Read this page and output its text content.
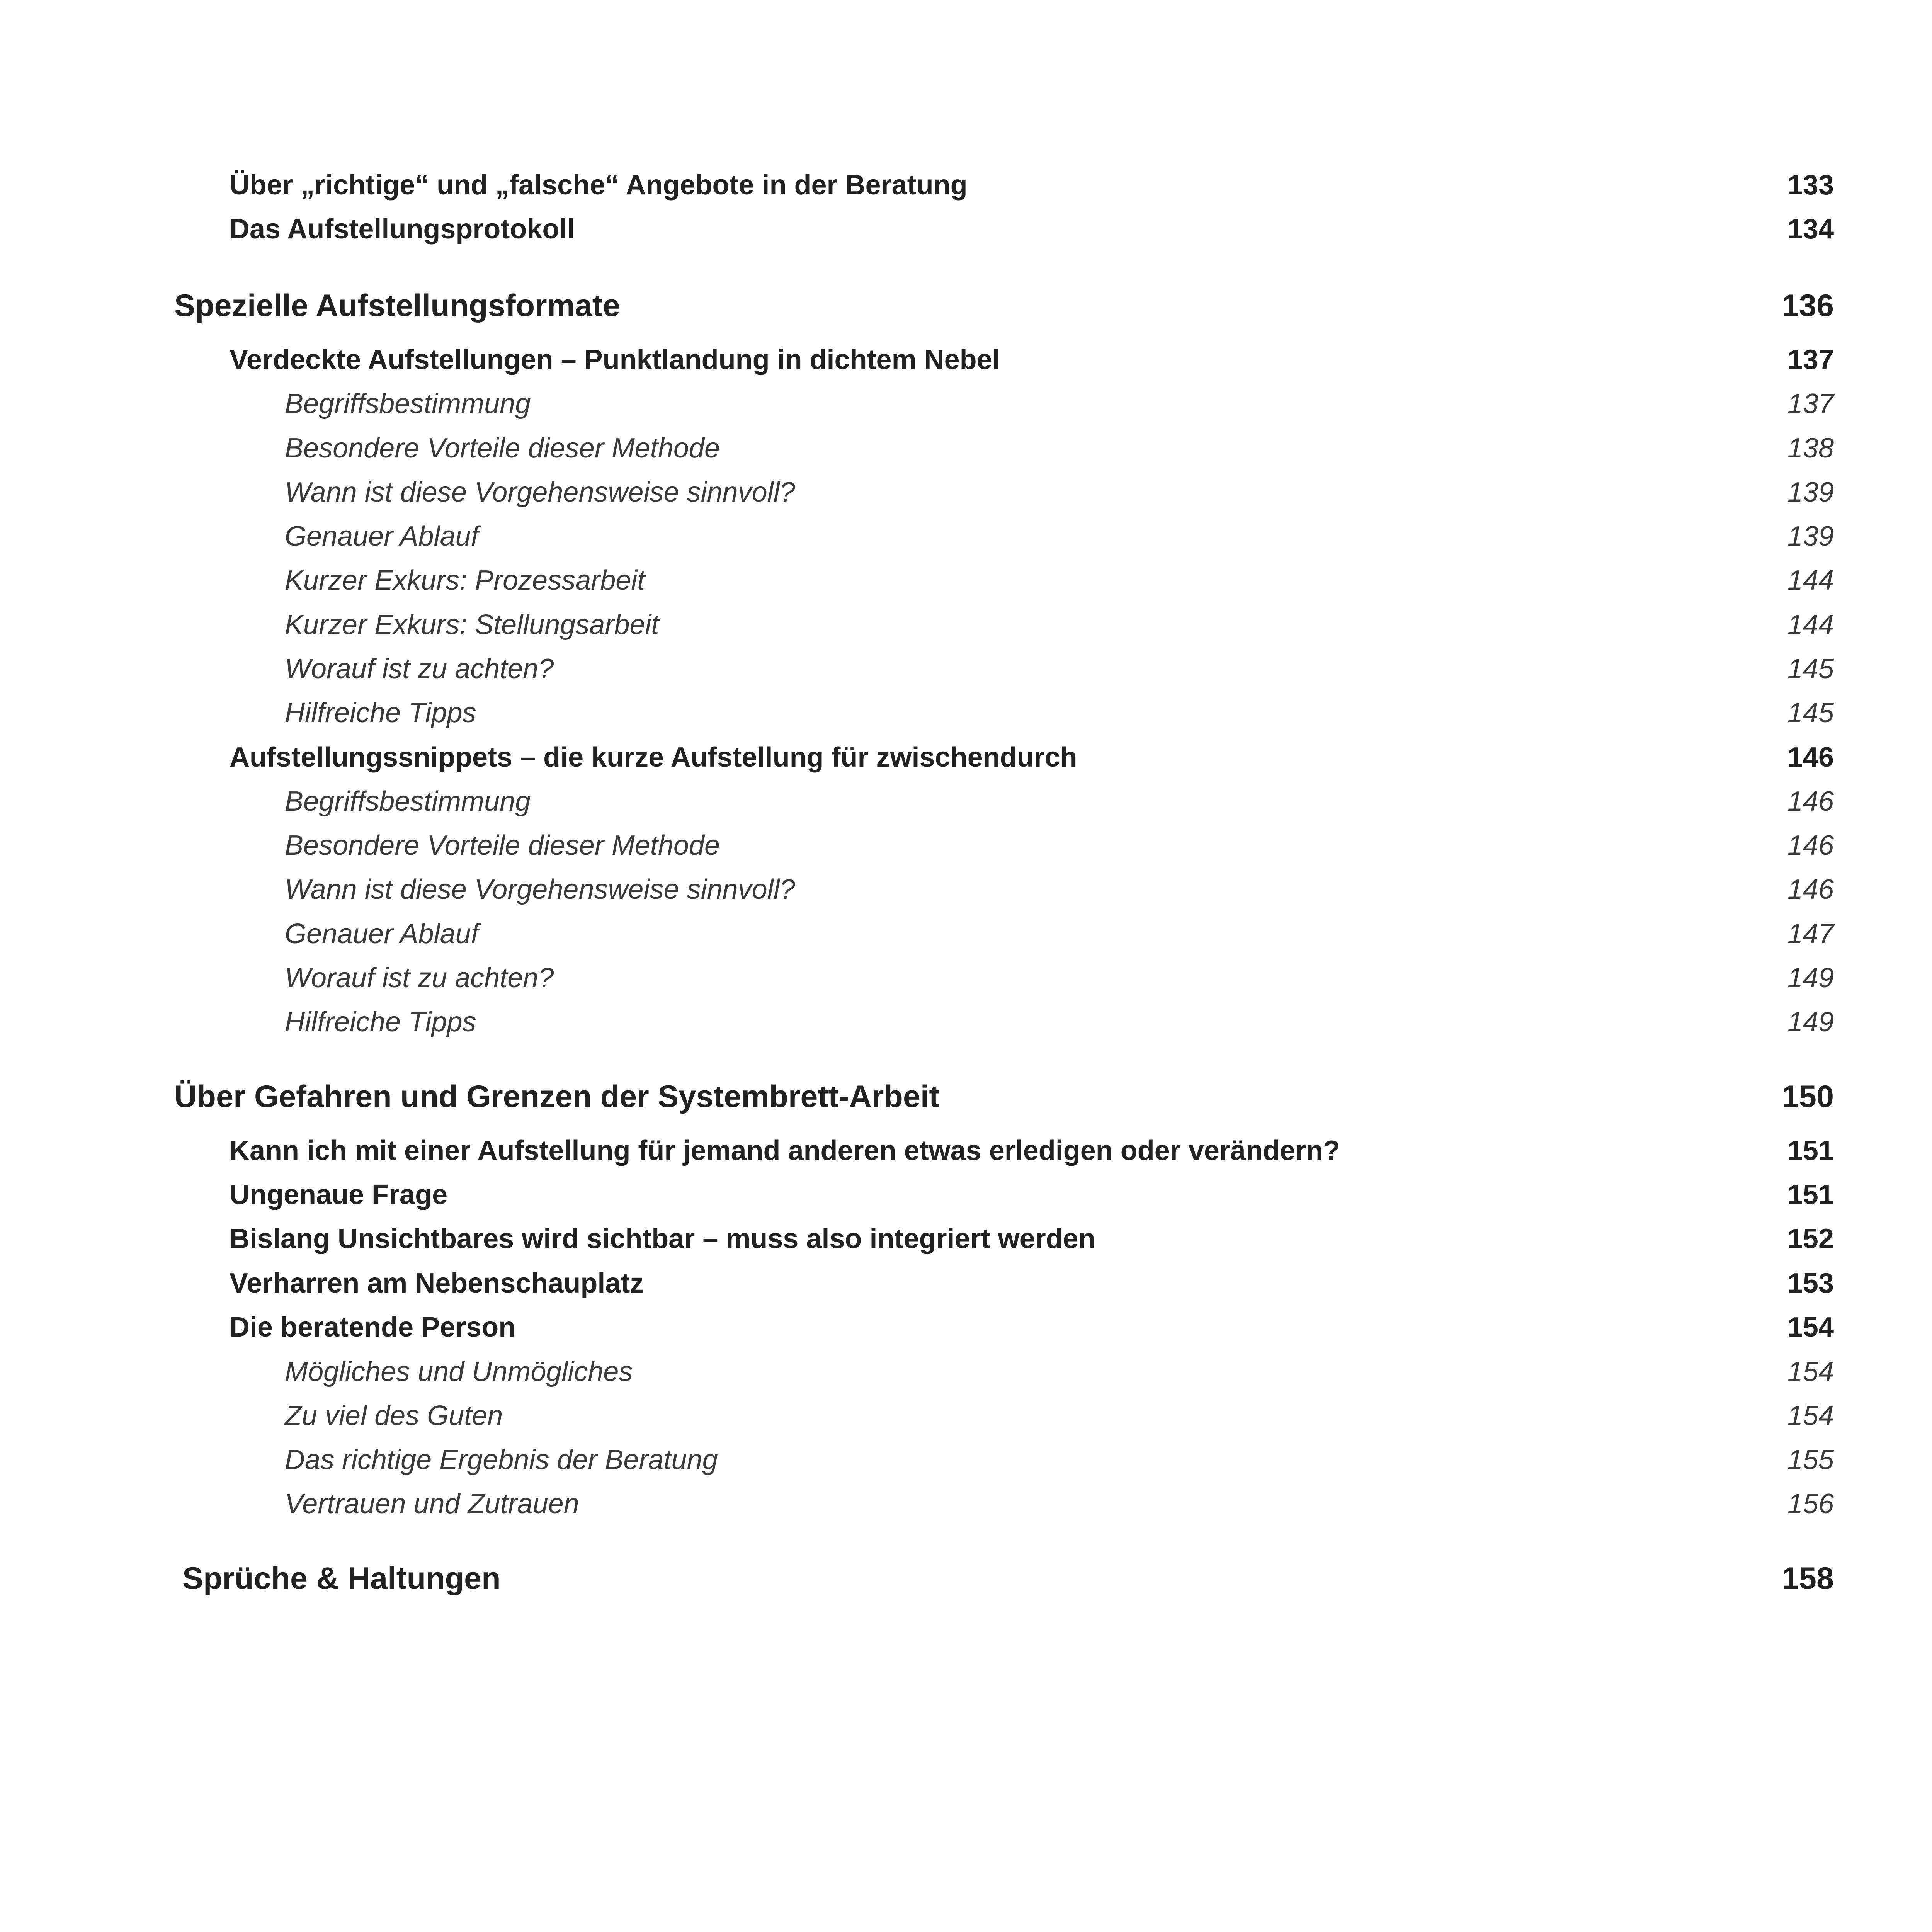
Über „richtige“ und „falsche“ Angebote in der Beratung	133
Das Aufstellungsprotokoll	134
Spezielle Aufstellungsformate	136
Verdeckte Aufstellungen – Punktlandung in dichtem Nebel	137
Begriffsbestimmung	137
Besondere Vorteile dieser Methode	138
Wann ist diese Vorgehensweise sinnvoll?	139
Genauer Ablauf	139
Kurzer Exkurs: Prozessarbeit	144
Kurzer Exkurs: Stellungsarbeit	144
Worauf ist zu achten?	145
Hilfreiche Tipps	145
Aufstellungssnippets – die kurze Aufstellung für zwischendurch	146
Begriffsbestimmung	146
Besondere Vorteile dieser Methode	146
Wann ist diese Vorgehensweise sinnvoll?	146
Genauer Ablauf	147
Worauf ist zu achten?	149
Hilfreiche Tipps	149
Über Gefahren und Grenzen der Systembrett-Arbeit	150
Kann ich mit einer Aufstellung für jemand anderen etwas erledigen oder verändern?	151
Ungenaue Frage	151
Bislang Unsichtbares wird sichtbar – muss also integriert werden	152
Verharren am Nebenschauplatz	153
Die beratende Person	154
Mögliches und Unmögliches	154
Zu viel des Guten	154
Das richtige Ergebnis der Beratung	155
Vertrauen und Zutrauen	156
Sprüche & Haltungen	158
